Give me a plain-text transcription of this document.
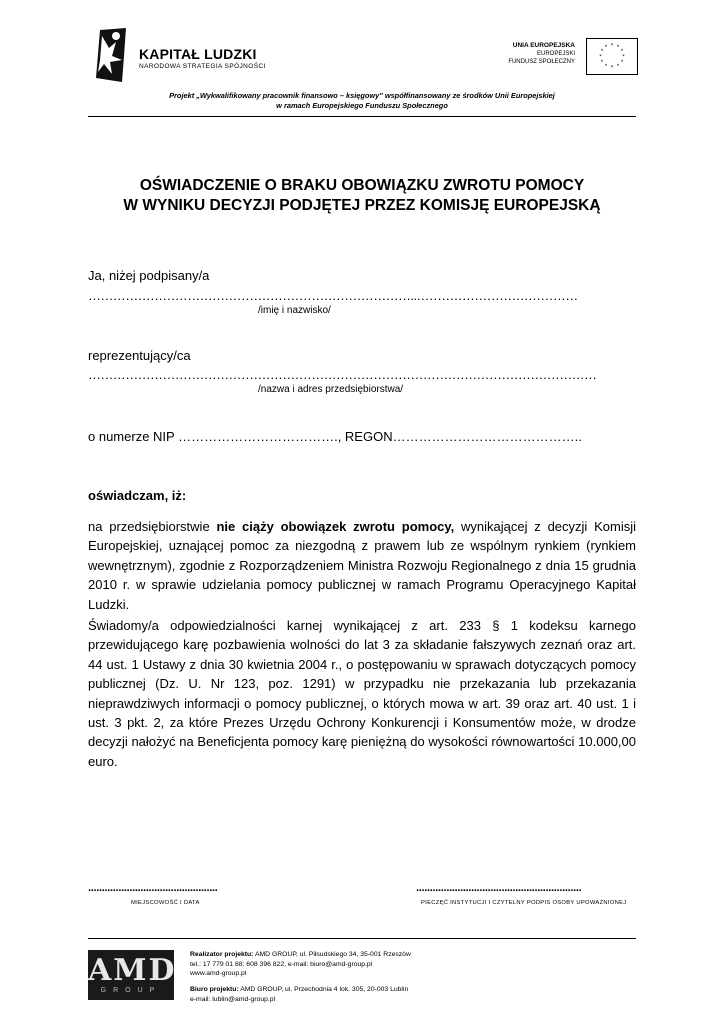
KAPITAŁ LUDZKI
NARODOWA STRATEGIA SPÓJNOŚCI
UNIA EUROPEJSKA
EUROPEJSKI
FUNDUSZ SPOŁECZNY
* *
*
*
*
*
*
*
*
*
*
*
Projekt „Wykwalifikowany pracownik finansowo – księgowy" współfinansowany ze środków Unii Europejskiej
w ramach Europejskiego Funduszu Społecznego
OŚWIADCZENIE O BRAKU OBOWIĄZKU ZWROTU POMOCY
W WYNIKU DECYZJI PODJĘTEJ PRZEZ KOMISJĘ EUROPEJSKĄ
Ja, niżej podpisany/a
……………………………………………………………………..…………………………………
/imię i nazwisko/
reprezentujący/ca
……………………………………………………………………………………………………………
/nazwa i adres przedsiębiorstwa/
o numerze NIP ………………………………., REGON……………………………………..
oświadczam, iż:
na przedsiębiorstwie nie ciąży obowiązek zwrotu pomocy, wynikającej z decyzji Komisji Europejskiej, uznającej pomoc za niezgodną z prawem lub ze wspólnym rynkiem (rynkiem wewnętrznym), zgodnie z Rozporządzeniem Ministra Rozwoju Regionalnego z dnia 15 grudnia 2010 r. w sprawie udzielania pomocy publicznej w ramach Programu Operacyjnego Kapitał Ludzki.
Świadomy/a odpowiedzialności karnej wynikającej z art. 233 § 1 kodeksu karnego przewidującego karę pozbawienia wolności do lat 3 za składanie fałszywych zeznań oraz art. 44 ust. 1 Ustawy z dnia 30 kwietnia 2004 r., o postępowaniu w sprawach dotyczących pomocy publicznej (Dz. U. Nr 123, poz. 1291) w przypadku nie przekazania lub przekazania nieprawdziwych informacji o pomocy publicznej, o których mowa w art. 39 oraz art. 40 ust. 1 i ust. 3 pkt. 2, za które Prezes Urzędu Ochrony Konkurencji i Konsumentów może, w drodze decyzji nałożyć na Beneficjenta pomocy karę pieniężną do wysokości równowartości 10.000,00 euro.
...............................................
MIEJSCOWOŚĆ I DATA
............................................................
PIECZĘĆ INSTYTUCJI I CZYTELNY PODPIS OSOBY UPOWAŻNIONEJ
AMD
GROUP
Realizator projektu: AMD GROUP, ul. Piłsudskiego 34, 35-001 Rzeszów
tel.: 17 779 01 88; 608 396 822, e-mail: biuro@amd-group.pl
www.amd-group.pl
Biuro projektu: AMD GROUP, ul. Przechodnia 4 lok. 305, 20-003 Lublin
e-mail: lublin@amd-group.pl
